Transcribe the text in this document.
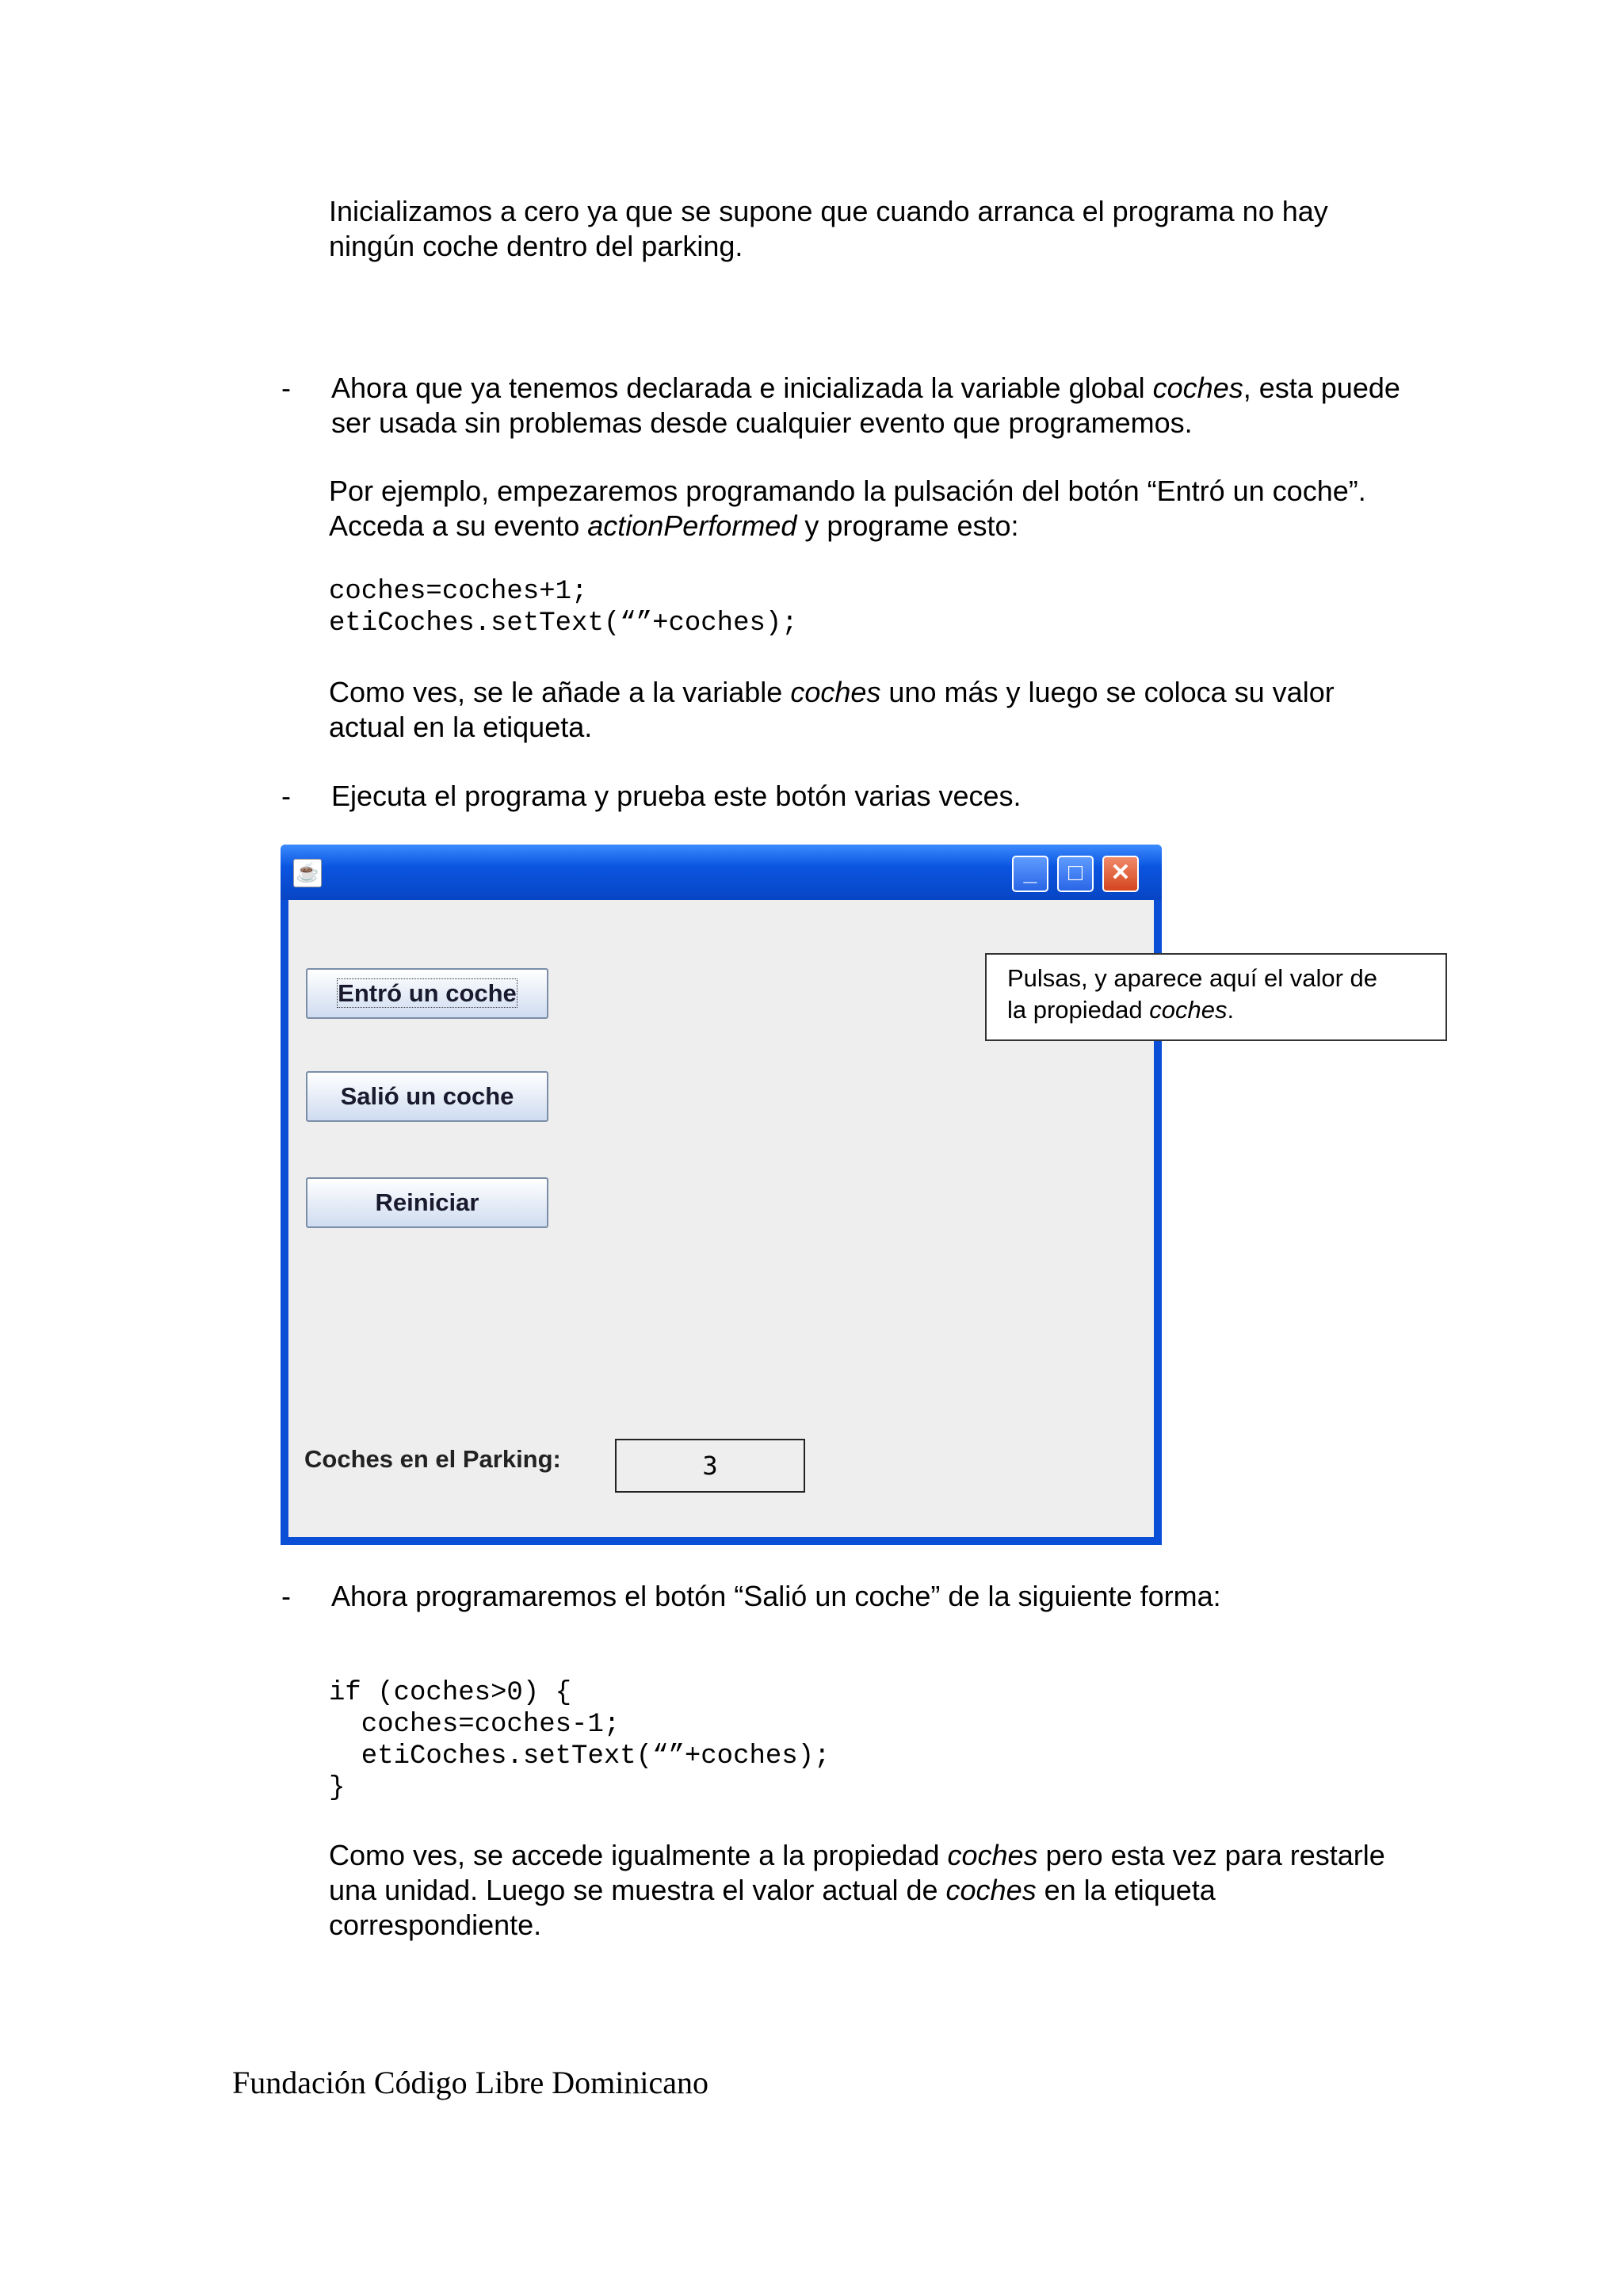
Inicializamos a cero ya que se supone que cuando arranca el programa no hay
ningún coche dentro del parking.

- Ahora que ya tenemos declarada e inicializada la variable global coches, esta puede
ser usada sin problemas desde cualquier evento que programemos.

Por ejemplo, empezaremos programando la pulsación del botón “Entró un coche”.
Acceda a su evento actionPerformed y programe esto:

coches=coches+1;
etiCoches.setText(“”+coches);

Como ves, se le añade a la variable coches uno más y luego se coloca su valor
actual en la etiqueta.

- Ejecuta el programa y prueba este botón varias veces.

☕	_	□	✕
Entró un coche
Salió un coche
Reiniciar
Coches en el Parking:	3
Pulsas, y aparece aquí el valor de
la propiedad coches.
- Ahora programaremos el botón “Salió un coche” de la siguiente forma:

if (coches>0) {
coches=coches-1;
etiCoches.setText(“”+coches);
}

Como ves, se accede igualmente a la propiedad coches pero esta vez para restarle
una unidad. Luego se muestra el valor actual de coches en la etiqueta
correspondiente.

Fundación Código Libre Dominicano
